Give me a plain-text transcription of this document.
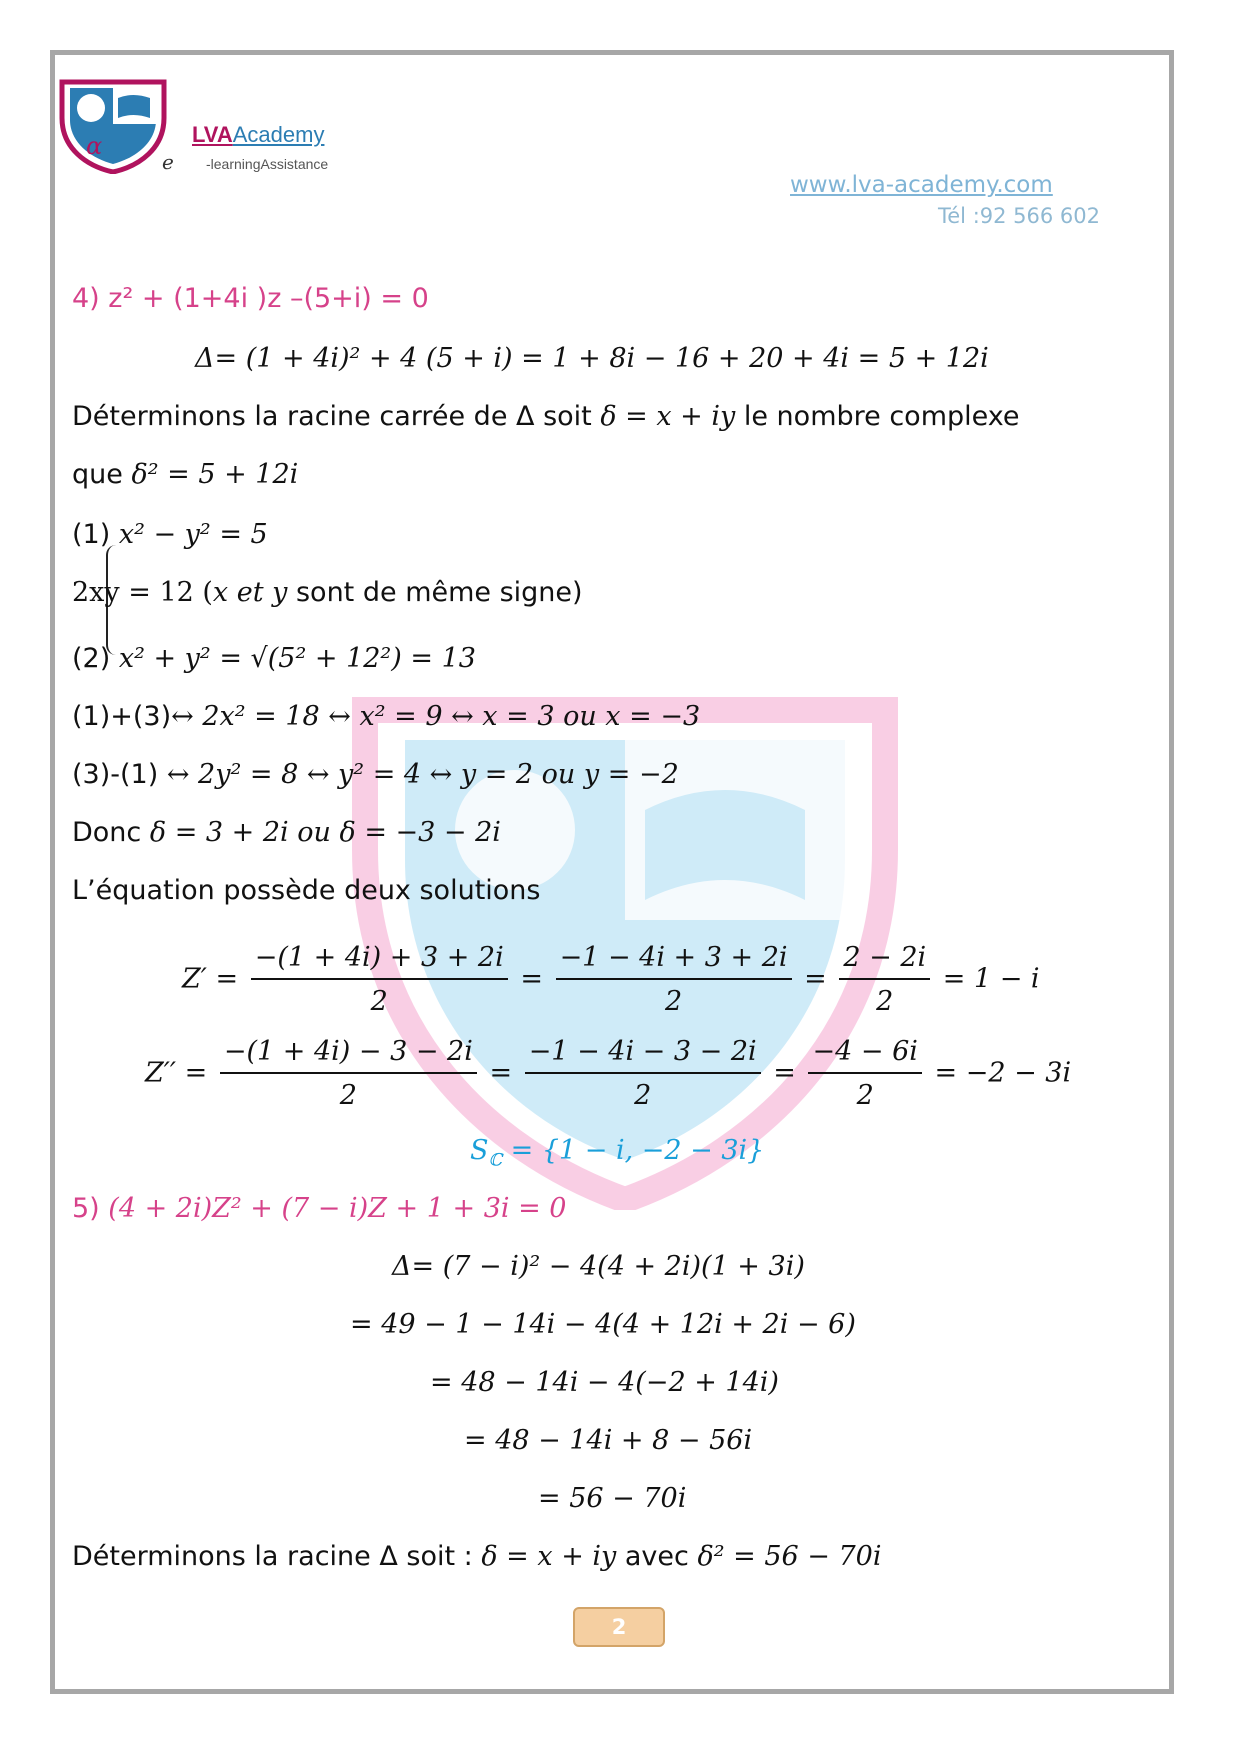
α
e
LVAAcademy
-learningAssistance
www.lva-academy.com
Tél :92 566 602
4) z² + (1+4i )z –(5+i) = 0
Δ= (1 + 4i)² + 4 (5 + i) = 1 + 8i − 16 + 20 + 4i = 5 + 12i
Déterminons la racine carrée de Δ soit δ = x + iy le nombre complexe
que δ² = 5 + 12i
(1) x² − y² = 5
2xy = 12 (x et y sont de même signe)
(2) x² + y² = √(5² + 12²) = 13
(1)+(3)↔ 2x² = 18 ↔ x² = 9 ↔ x = 3 ou x = −3
(3)-(1) ↔ 2y² = 8 ↔ y² = 4 ↔ y = 2 ou y = −2
Donc δ = 3 + 2i ou δ = −3 − 2i
L’équation possède deux solutions
$Z' = \frac{-(1 + 4i) + 3 + 2i}{2} = \frac{-1 - 4i + 3 + 2i}{2} = \frac{2 - 2i}{2} = 1 - i$
$Z'' = \frac{-(1 + 4i) - 3 - 2i}{2} = \frac{-1 - 4i - 3 - 2i}{2} = \frac{-4 - 6i}{2} = -2 - 3i$
$S_ℂ = \{1 - i$, −2 − 3i}
5) (4 + 2i)Z² + (7 − i)Z + 1 + 3i = 0
Δ= (7 − i)² − 4(4 + 2i)(1 + 3i)
= 49 − 1 − 14i − 4(4 + 12i + 2i − 6)
= 48 − 14i − 4(−2 + 14i)
= 48 − 14i + 8 − 56i
= 56 − 70i
Déterminons la racine Δ soit : δ = x + iy avec δ² = 56 − 70i
2
